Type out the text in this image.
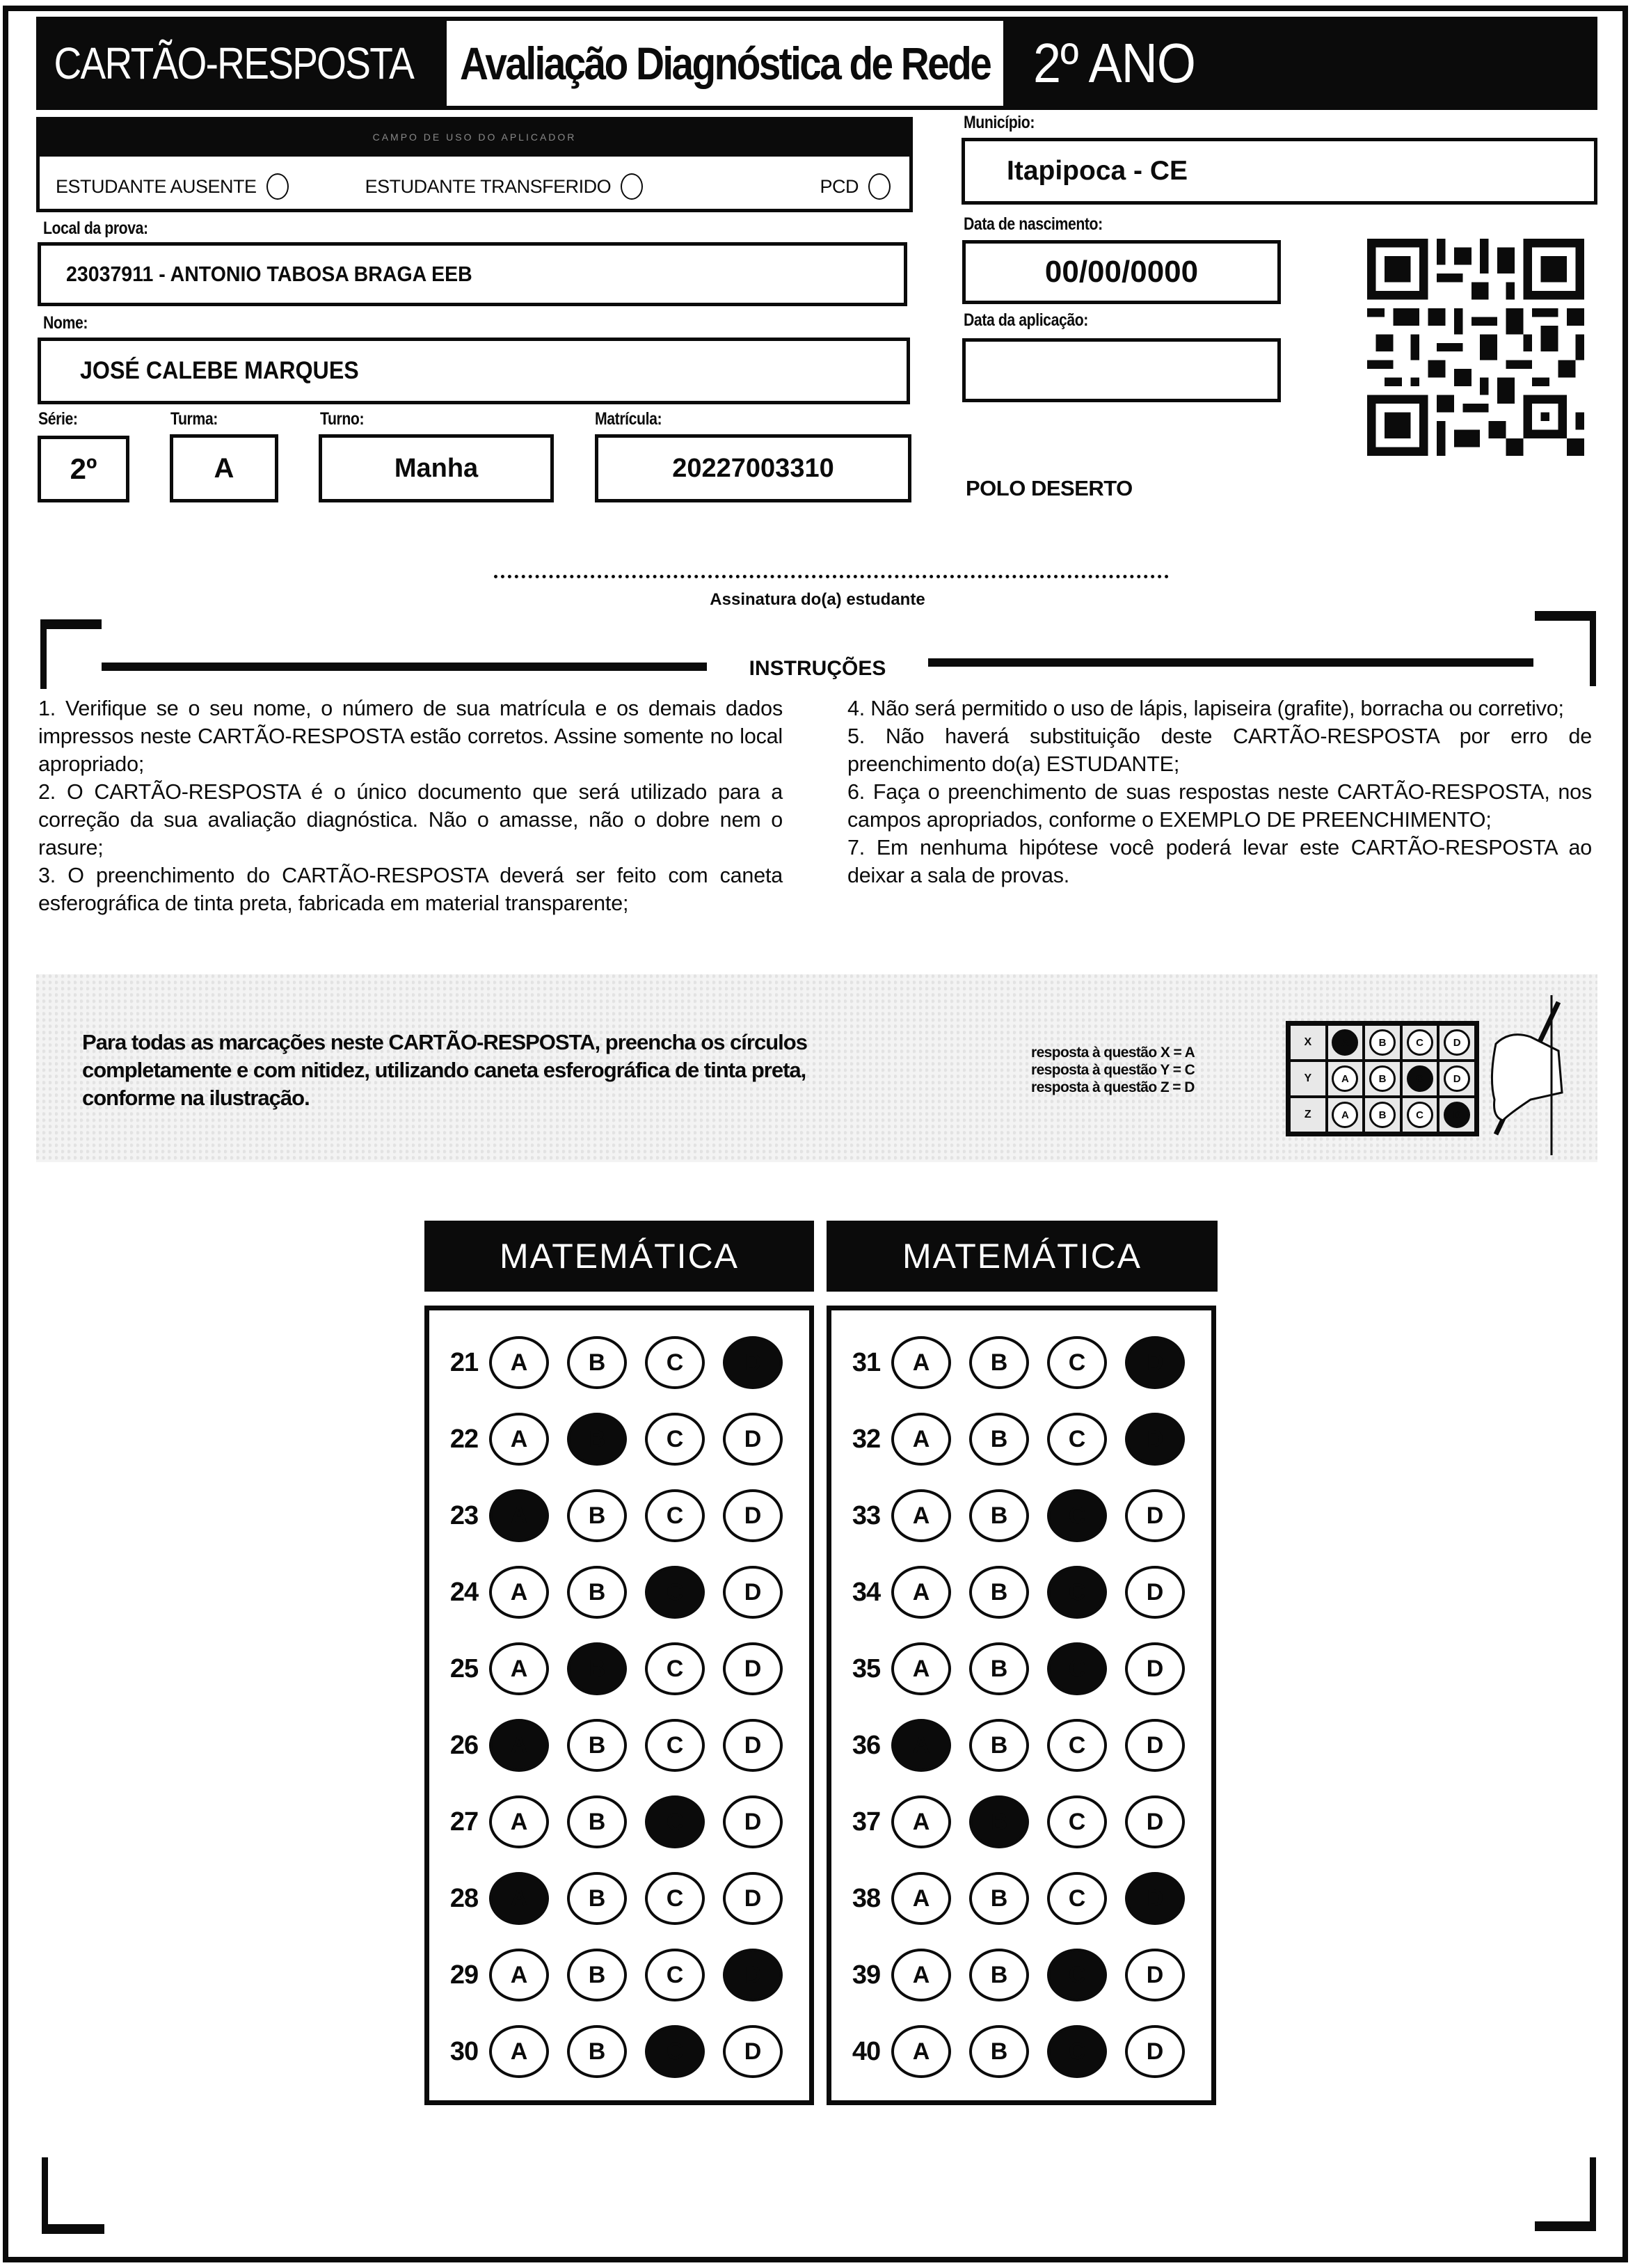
CARTÃO-RESPOSTA Avaliação Diagnóstica de Rede 2º ANO
CAMPO DE USO DO APLICADOR
ESTUDANTE AUSENTE	ESTUDANTE TRANSFERIDO	PCD
Local da prova:
23037911 - ANTONIO TABOSA BRAGA EEB
Nome:
JOSÉ CALEBE MARQUES
Série:
2º
Turma:
A
Turno:
Manha
Matrícula:
20227003310
Município:
Itapipoca - CE
Data de nascimento:
00/00/0000
Data da aplicação:
POLO DESERTO
Assinatura do(a) estudante
INSTRUÇÕES

1. Verifique se o seu nome, o número de sua matrícula e os demais dados impressos neste CARTÃO-RESPOSTA estão corretos. Assine somente no local apropriado;

2. O CARTÃO-RESPOSTA é o único documento que será utilizado para a correção da sua avaliação diagnóstica. Não o amasse, não o dobre nem o rasure;

3. O preenchimento do CARTÃO-RESPOSTA deverá ser feito com caneta esferográfica de tinta preta, fabricada em material transparente;

4. Não será permitido o uso de lápis, lapiseira (grafite), borracha ou corretivo;

5. Não haverá substituição deste CARTÃO-RESPOSTA por erro de preenchimento do(a) ESTUDANTE;

6. Faça o preenchimento de suas respostas neste CARTÃO-RESPOSTA, nos campos apropriados, conforme o EXEMPLO DE PREENCHIMENTO;

7. Em nenhuma hipótese você poderá levar este CARTÃO-RESPOSTA ao deixar a sala de provas.

Para todas as marcações neste CARTÃO-RESPOSTA, preencha os círculos completamente e com nitidez, utilizando caneta esferográfica de tinta preta, conforme na ilustração.
resposta à questão X = A
resposta à questão Y = C
resposta à questão Z = D
X	A	B	C	D
Y	A	B	C	D
Z	A	B	C	D
MATEMÁTICA
21	A	B	C	D
22	A	B	C	D
23	A	B	C	D
24	A	B	C	D
25	A	B	C	D
26	A	B	C	D
27	A	B	C	D
28	A	B	C	D
29	A	B	C	D
30	A	B	C	D
MATEMÁTICA
31	A	B	C	D
32	A	B	C	D
33	A	B	C	D
34	A	B	C	D
35	A	B	C	D
36	A	B	C	D
37	A	B	C	D
38	A	B	C	D
39	A	B	C	D
40	A	B	C	D
